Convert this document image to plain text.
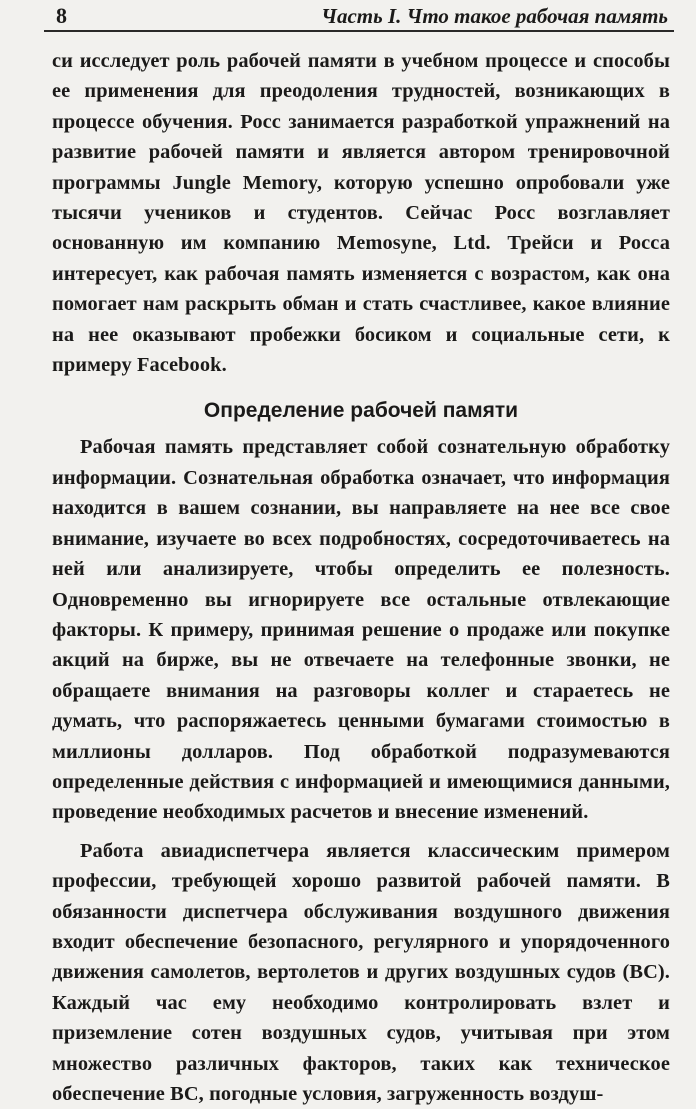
8	Часть I. Что такое рабочая память

си исследует роль рабочей памяти в учебном процессе и способы ее применения для преодоления трудностей, возникающих в процессе обучения. Росс занимается разработкой упражнений на развитие рабочей памяти и является автором тренировочной программы Jungle Memory, которую успешно опробовали уже тысячи учеников и студентов. Сейчас Росс возглавляет основанную им компанию Memosyne, Ltd. Трейси и Росса интересует, как рабочая память изменяется с возрастом, как она помогает нам раскрыть обман и стать счастливее, какое влияние на нее оказывают пробежки босиком и социальные сети, к примеру Facebook.

Определение рабочей памяти

Рабочая память представляет собой сознательную обработку информации. Сознательная обработка означает, что информация находится в вашем сознании, вы направляете на нее все свое внимание, изучаете во всех подробностях, сосредоточиваетесь на ней или анализируете, чтобы определить ее полезность. Одновременно вы игнорируете все остальные отвлекающие факторы. К примеру, принимая решение о продаже или покупке акций на бирже, вы не отвечаете на телефонные звонки, не обращаете внимания на разговоры коллег и стараетесь не думать, что распоряжаетесь ценными бумагами стоимостью в миллионы долларов. Под обработкой подразумеваются определенные действия с информацией и имеющимися данными, проведение необходимых расчетов и внесение изменений.

Работа авиадиспетчера является классическим примером профессии, требующей хорошо развитой рабочей памяти. В обязанности диспетчера обслуживания воздушного движения входит обеспечение безопасного, регулярного и упорядоченного движения самолетов, вертолетов и других воздушных судов (ВС). Каждый час ему необходимо контролировать взлет и приземление сотен воздушных судов, учитывая при этом множество различных факторов, таких как техническое обеспечение ВС, погодные условия, загруженность воздуш-
